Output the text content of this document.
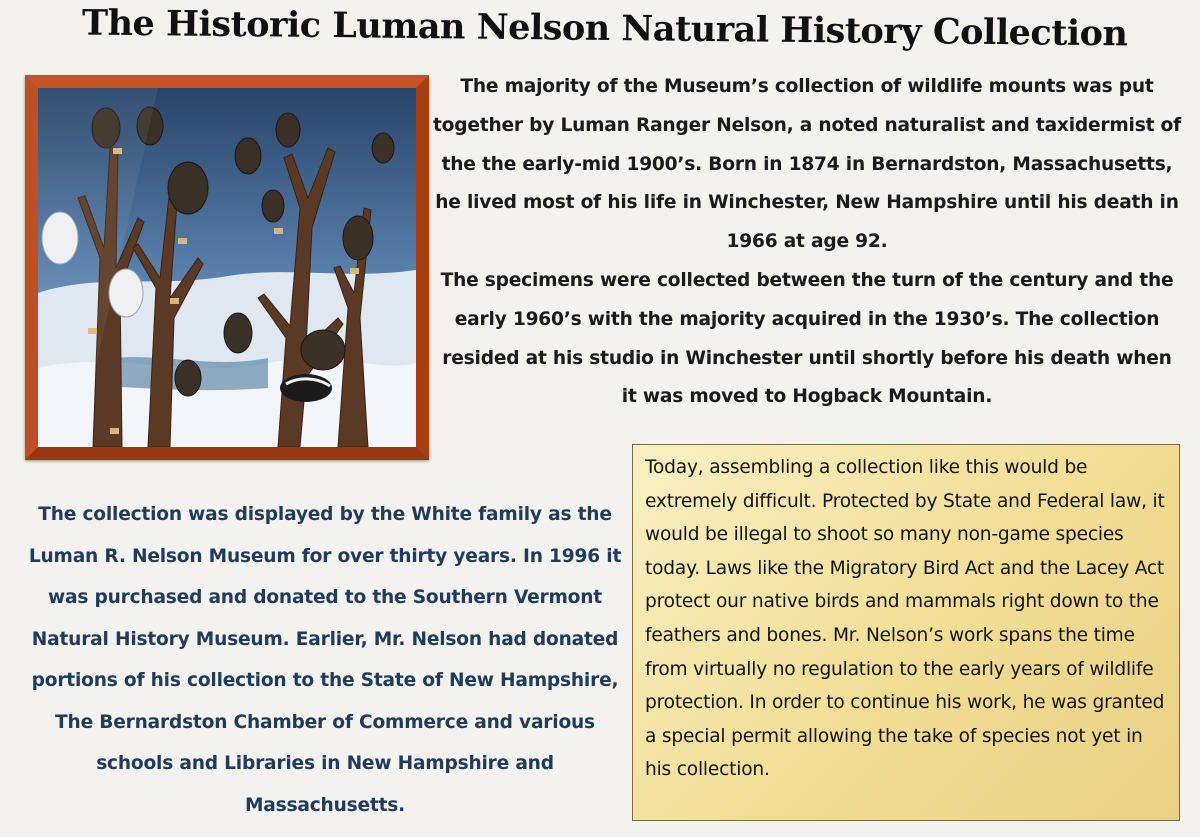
The Historic Luman Nelson Natural History Collection
The majority of the Museum’s collection of wildlife mounts was put together by Luman Ranger Nelson, a noted naturalist and taxidermist of the the early-mid 1900’s. Born in 1874 in Bernardston, Massachusetts, he lived most of his life in Winchester, New Hampshire until his death in 1966 at age 92.
The specimens were collected between the turn of the century and the early 1960’s with the majority acquired in the 1930’s. The collection resided at his studio in Winchester until shortly before his death when it was moved to Hogback Mountain.
The collection was displayed by the White family as the Luman R. Nelson Museum for over thirty years. In 1996 it was purchased and donated to the Southern Vermont Natural History Museum. Earlier, Mr. Nelson had donated portions of his collection to the State of New Hampshire, The Bernardston Chamber of Commerce and various schools and Libraries in New Hampshire and Massachusetts.
Today, assembling a collection like this would be extremely difficult. Protected by State and Federal law, it would be illegal to shoot so many non-game species today. Laws like the Migratory Bird Act and the Lacey Act protect our native birds and mammals right down to the feathers and bones. Mr. Nelson’s work spans the time from virtually no regulation to the early years of wildlife protection. In order to continue his work, he was granted a special permit allowing the take of species not yet in his collection.
